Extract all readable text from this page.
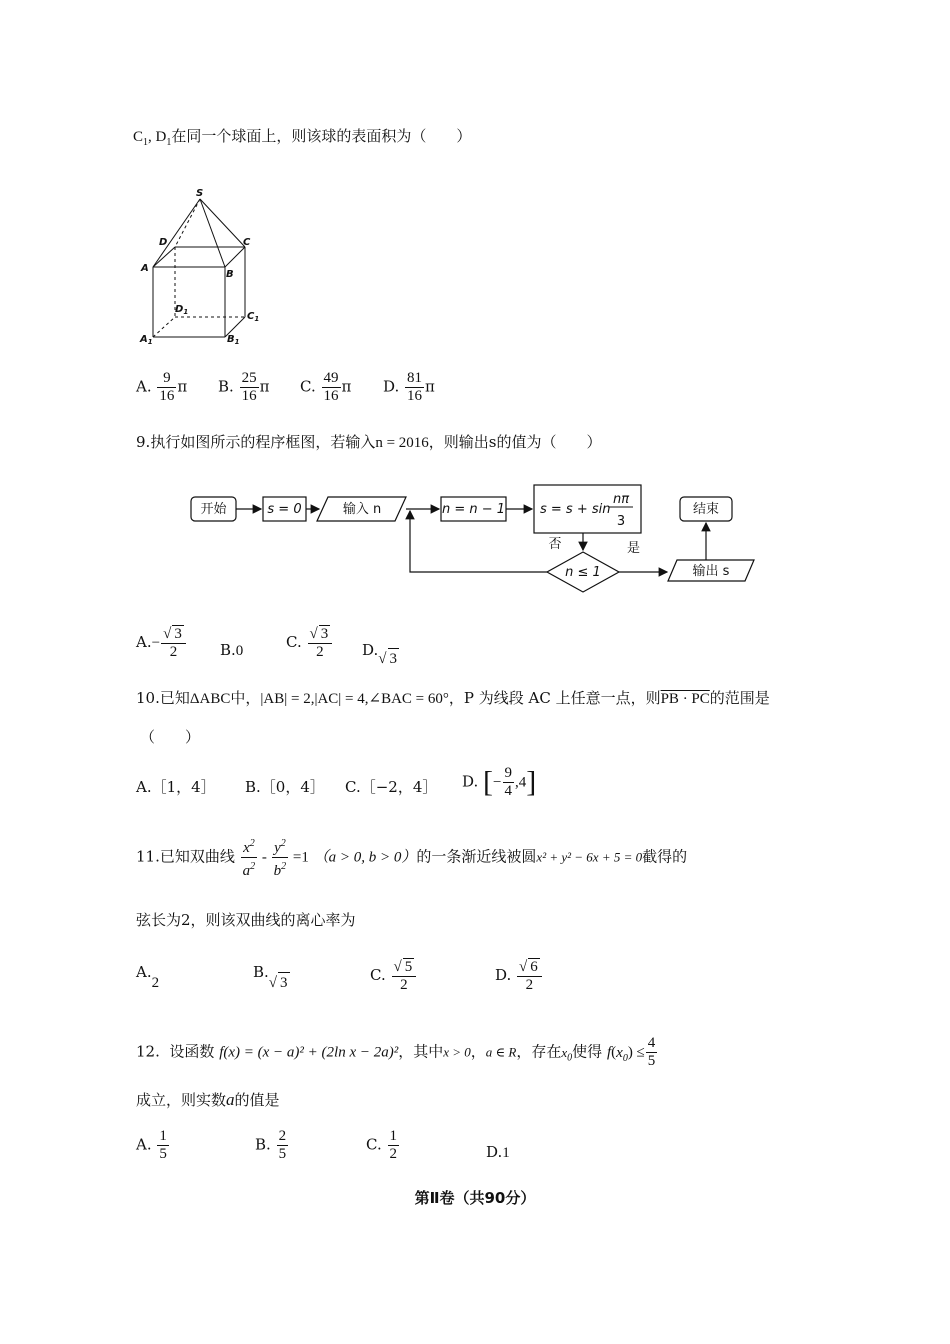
$C_1$, $D_1$在同一个球面上，则该球的表面积为（　　）
S
D	C
A
B
$D_1$	$C_1$
$A_1$	$B_1$
A. $\frac{9}{16}$ π B. $\frac{25}{16}$ π C. $\frac{49}{16}$ π D. $\frac{81}{16}$ π
9.执行如图所示的程序框图，若输入n = 2016，则输出s的值为（　　）
开始	s = 0	输入 n	n = n − 1	s = s + sin
nπ
3
结束
n ≤ 1
否	是
输出 s
$A.- \frac{√ 3}{2} B.0$	C. $\frac{√ 3}{2} D.√$ 3
10.已知ΔABC中，|AB| = 2,|AC| = 4,∠BAC = 60°，P 为线段 AC 上任意一点，则PB · PC的范围是
（　　）
A.［1，4］ B.［0，4］ C.［−2，4］ D. [− $\frac{9}{4} ,4$]
11.已知双曲线 $\frac{x^2}{a^2} - \frac{y^2}{b^2} =1$ （a > 0, b > 0）的一条渐近线被圆x² + y² − 6x + 5 = 0截得的
弦长为2，则该双曲线的离心率为
A.2
B.√ 3	C. $\frac{√ 5}{2}$	D. $\frac{√ 6}{2}$
12. 设函数 f(x) = (x − a)² + (2ln x − 2a)²，其中x > 0，a ∈ R，存在$x_0$使得 $f(x_0) \le \frac{4}{5}$
成立，则实数a的值是
A. $\frac{1}{5}$	B. $\frac{2}{5}$	C. $\frac{1}{2}$	D.1
第Ⅱ卷（共90分）
